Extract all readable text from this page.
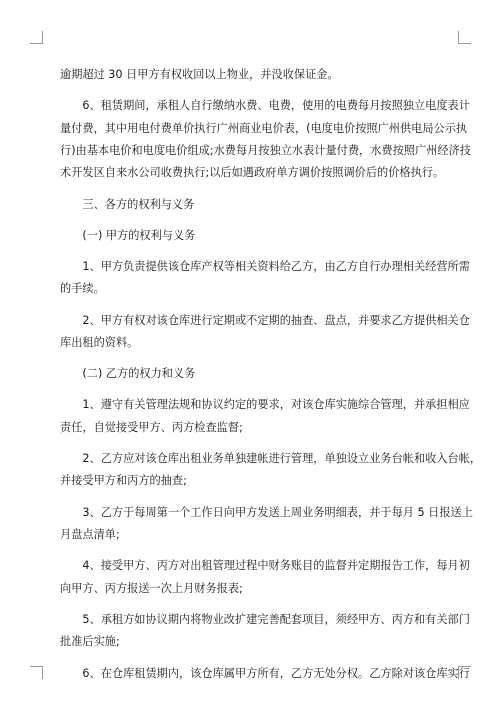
逾期超过 30 日甲方有权收回以上物业，并没收保证金。

6、租赁期间，承租人自行缴纳水费、电费，使用的电费每月按照独立电度表计
量付费，其中用电付费单价执行广州商业电价表，(电度电价按照广州供电局公示执
行)由基本电价和电度电价组成;水费每月按独立水表计量付费，水费按照广州经济技
术开发区自来水公司收费执行;以后如遇政府单方调价按照调价后的价格执行。

三、各方的权利与义务

(一) 甲方的权利与义务

1、甲方负责提供该仓库产权等相关资料给乙方，由乙方自行办理相关经营所需
的手续。

2、甲方有权对该仓库进行定期或不定期的抽查、盘点，并要求乙方提供相关仓
库出租的资料。

(二) 乙方的权力和义务

1、遵守有关管理法规和协议约定的要求，对该仓库实施综合管理，并承担相应
责任，自觉接受甲方、丙方检查监督;

2、乙方应对该仓库出租业务单独建帐进行管理，单独设立业务台帐和收入台帐，
并接受甲方和丙方的抽查;

3、乙方于每周第一个工作日向甲方发送上周业务明细表，并于每月 5 日报送上
月盘点清单;

4、接受甲方、丙方对出租管理过程中财务账目的监督并定期报告工作，每月初
向甲方、丙方报送一次上月财务报表;

5、承租方如协议期内将物业改扩建完善配套项目，须经甲方、丙方和有关部门
批准后实施;

6、在仓库租赁期内，该仓库属甲方所有，乙方无处分权。乙方除对该仓库实行
